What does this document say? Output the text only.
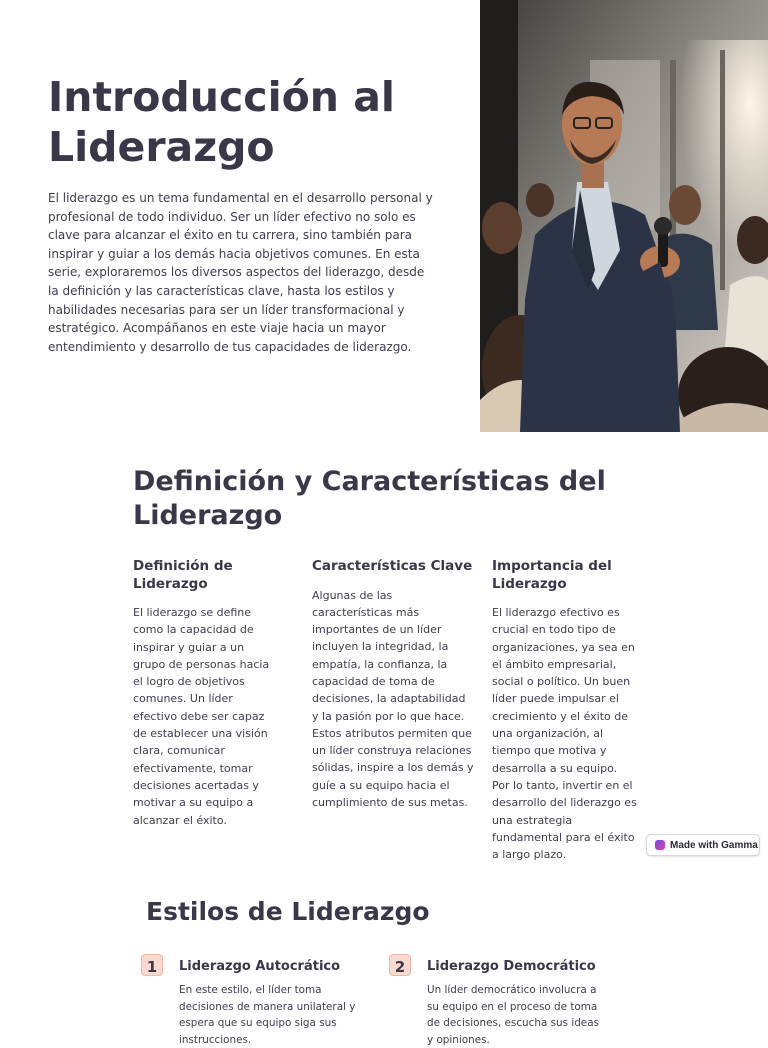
Introducción al Liderazgo

El liderazgo es un tema fundamental en el desarrollo personal y profesional de todo individuo. Ser un líder efectivo no solo es clave para alcanzar el éxito en tu carrera, sino también para inspirar y guiar a los demás hacia objetivos comunes. En esta serie, exploraremos los diversos aspectos del liderazgo, desde la definición y las características clave, hasta los estilos y habilidades necesarias para ser un líder transformacional y estratégico. Acompáñanos en este viaje hacia un mayor entendimiento y desarrollo de tus capacidades de liderazgo.

Definición y Características del Liderazgo
Definición de Liderazgo

El liderazgo se define como la capacidad de inspirar y guiar a un grupo de personas hacia el logro de objetivos comunes. Un líder efectivo debe ser capaz de establecer una visión clara, comunicar efectivamente, tomar decisiones acertadas y motivar a su equipo a alcanzar el éxito.

Características Clave

Algunas de las características más importantes de un líder incluyen la integridad, la empatía, la confianza, la capacidad de toma de decisiones, la adaptabilidad y la pasión por lo que hace. Estos atributos permiten que un líder construya relaciones sólidas, inspire a los demás y guíe a su equipo hacia el cumplimiento de sus metas.

Importancia del Liderazgo

El liderazgo efectivo es crucial en todo tipo de organizaciones, ya sea en el ámbito empresarial, social o político. Un buen líder puede impulsar el crecimiento y el éxito de una organización, al tiempo que motiva y desarrolla a su equipo. Por lo tanto, invertir en el desarrollo del liderazgo es una estrategia fundamental para el éxito a largo plazo.

Made with Gamma
Estilos de Liderazgo
1	Liderazgo Autocrático

En este estilo, el líder toma decisiones de manera unilateral y espera que su equipo siga sus instrucciones.

2	Liderazgo Democrático

Un líder democrático involucra a su equipo en el proceso de toma de decisiones, escucha sus ideas y opiniones.
